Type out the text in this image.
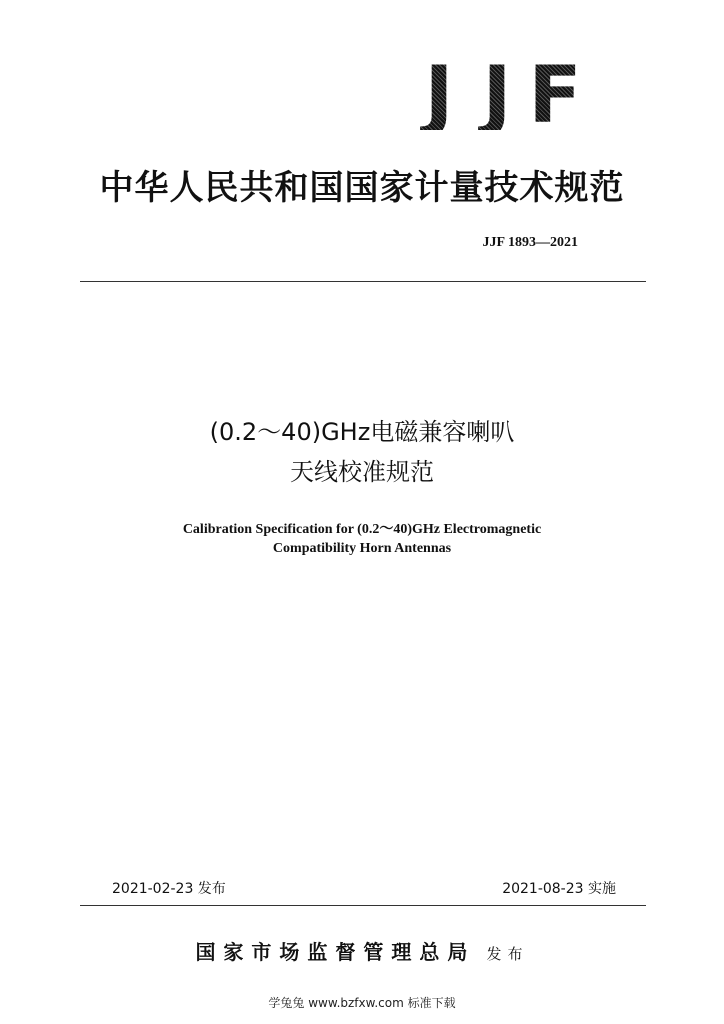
J J F
中华人民共和国国家计量技术规范
JJF 1893—2021
(0.2～40)GHz电磁兼容喇叭
天线校准规范
Calibration Specification for (0.2～40)GHz Electromagnetic
Compatibility Horn Antennas
2021-02-23 发布	2021-08-23 实施
国家市场监督管理总局 发布
学兔兔 www.bzfxw.com 标准下载
